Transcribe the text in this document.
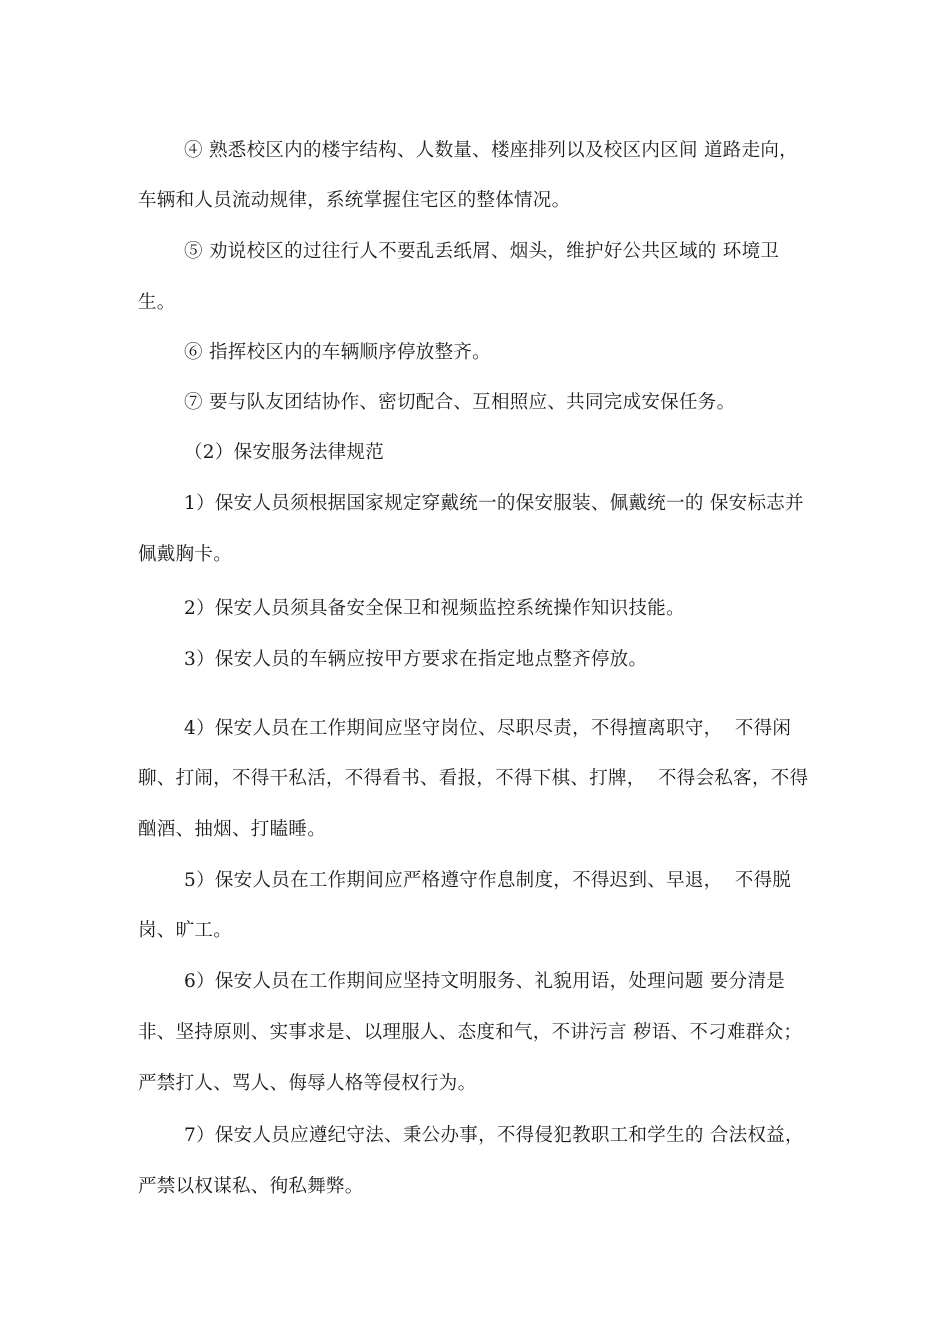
④ 熟悉校区内的楼宇结构、人数量、楼座排列以及校区内区间 道路走向，
车辆和人员流动规律，系统掌握住宅区的整体情况。
⑤ 劝说校区的过往行人不要乱丢纸屑、烟头，维护好公共区域的 环境卫
生。
⑥ 指挥校区内的车辆顺序停放整齐。
⑦ 要与队友团结协作、密切配合、互相照应、共同完成安保任务。
（2）保安服务法律规范
1）保安人员须根据国家规定穿戴统一的保安服装、佩戴统一的 保安标志并
佩戴胸卡。
2）保安人员须具备安全保卫和视频监控系统操作知识技能。
3）保安人员的车辆应按甲方要求在指定地点整齐停放。
4）保安人员在工作期间应坚守岗位、尽职尽责，不得擅离职守，  不得闲
聊、打闹，不得干私活，不得看书、看报，不得下棋、打牌，  不得会私客，不得
酗酒、抽烟、打瞌睡。
5）保安人员在工作期间应严格遵守作息制度，不得迟到、早退，  不得脱
岗、旷工。
6）保安人员在工作期间应坚持文明服务、礼貌用语，处理问题 要分清是
非、坚持原则、实事求是、以理服人、态度和气，不讲污言 秽语、不刁难群众；
严禁打人、骂人、侮辱人格等侵权行为。
7）保安人员应遵纪守法、秉公办事，不得侵犯教职工和学生的 合法权益，
严禁以权谋私、徇私舞弊。
